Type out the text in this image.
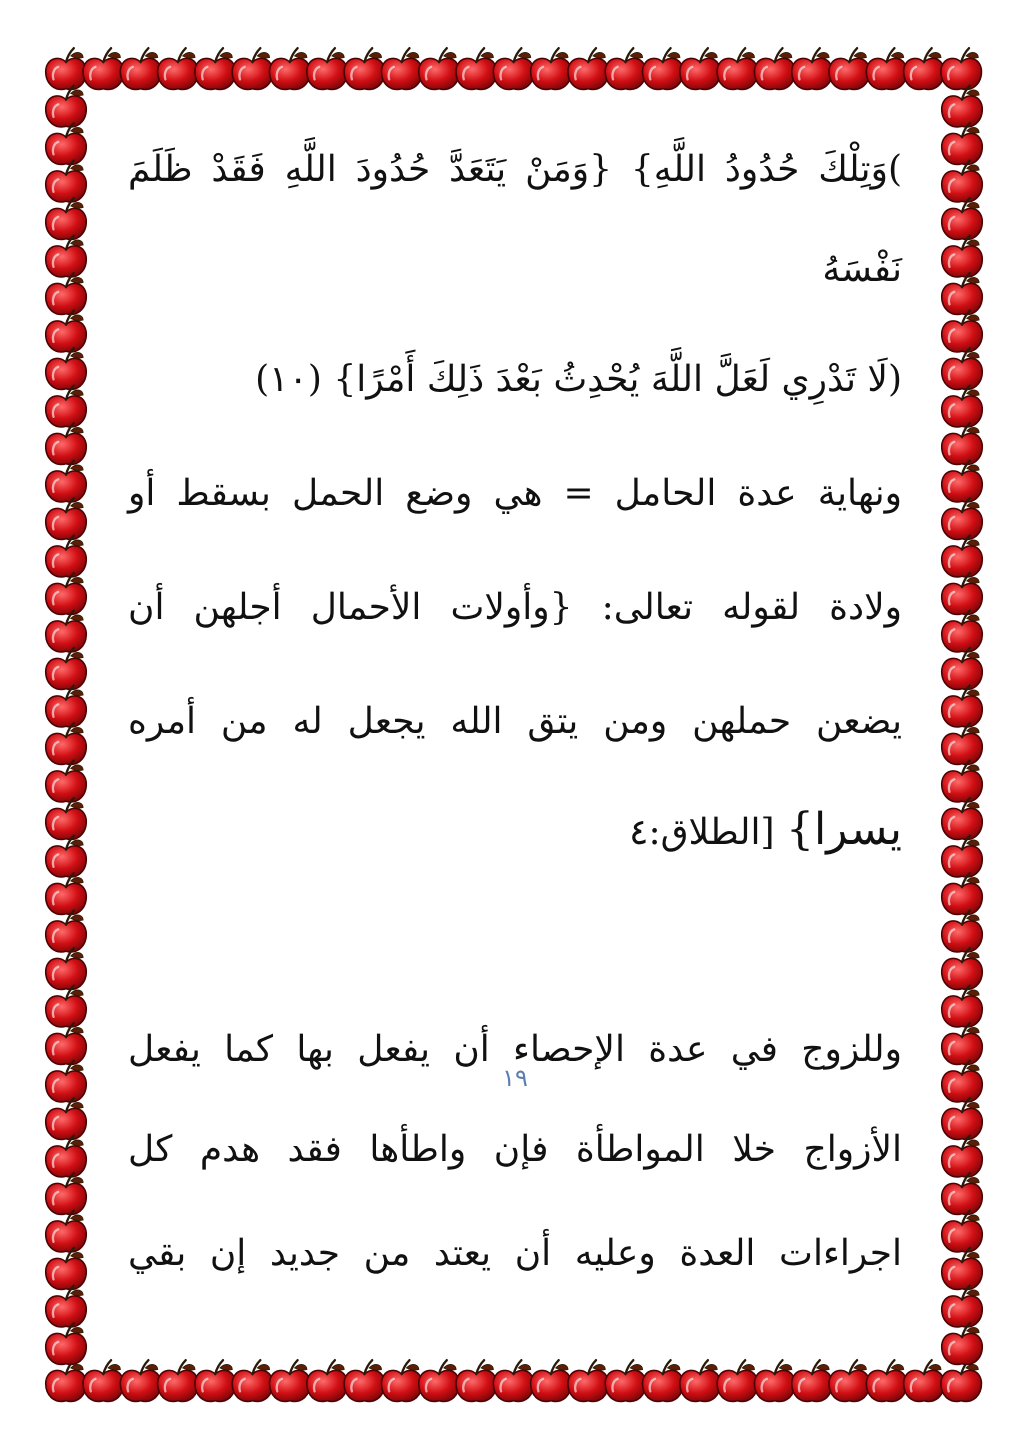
)وَتِلْكَ حُدُودُ اللَّهِ} {وَمَنْ يَتَعَدَّ حُدُودَ اللَّهِ فَقَدْ ظَلَمَ
نَفْسَهُ
(لَا تَدْرِي لَعَلَّ اللَّهَ يُحْدِثُ بَعْدَ ذَلِكَ أَمْرًا} (١٠)
ونهاية عدة الحامل = هي وضع الحمل بسقط أو
ولادة لقوله تعالى: {وأولات الأحمال أجلهن أن
يضعن حملهن ومن يتق الله يجعل له من أمره
يسرا} [الطلاق:٤
وللزوج في عدة الإحصاء أن يفعل بها كما يفعل
الأزواج خلا المواطأة فإن واطأها فقد هدم كل
اجراءات العدة وعليه أن يعتد من جديد إن بقي
١٩
